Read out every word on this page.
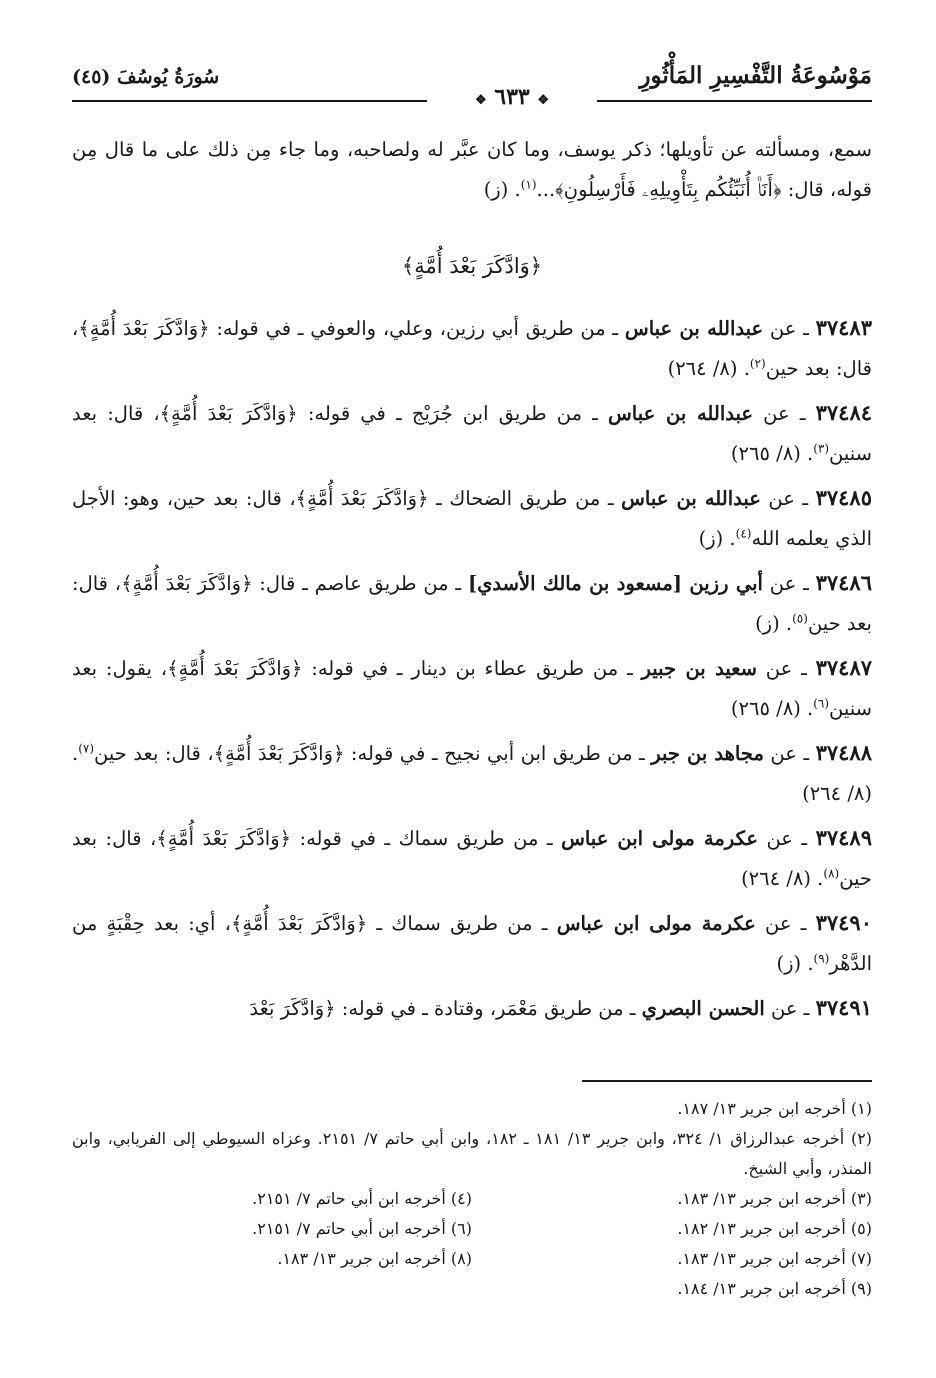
مَوْسُوعَةُ التَّفْسِيرِ المَأْثُورِ
سُورَةُ يُوسُفَ (٤٥)
❖ ٦٣٣ ❖

سمع، ومسألته عن تأويلها؛ ذكر يوسف، وما كان عبَّر له ولصاحبه، وما جاء مِن ذلك على ما قال مِن قوله، قال: ﴿أَنَا۠ أُنَبِّئُكُم بِتَأْوِيلِهِۦ فَأَرْسِلُونِ﴾...$^{(١)}$. (ز)

﴿وَادَّكَرَ بَعْدَ أُمَّةٍ﴾

٣٧٤٨٣ ـ عن عبدالله بن عباس ـ من طريق أبي رزين، وعلي، والعوفي ـ في قوله: ﴿وَادَّكَرَ بَعْدَ أُمَّةٍ﴾، قال: بعد حين$^{(٢)}$. (٨/ ٢٦٤)

٣٧٤٨٤ ـ عن عبدالله بن عباس ـ من طريق ابن جُرَيْج ـ في قوله: ﴿وَادَّكَرَ بَعْدَ أُمَّةٍ﴾، قال: بعد سنين$^{(٣)}$. (٨/ ٢٦٥)

٣٧٤٨٥ ـ عن عبدالله بن عباس ـ من طريق الضحاك ـ ﴿وَادَّكَرَ بَعْدَ أُمَّةٍ﴾، قال: بعد حين، وهو: الأجل الذي يعلمه الله$^{(٤)}$. (ز)

٣٧٤٨٦ ـ عن أبي رزين [مسعود بن مالك الأسدي] ـ من طريق عاصم ـ قال: ﴿وَادَّكَرَ بَعْدَ أُمَّةٍ﴾، قال: بعد حين$^{(٥)}$. (ز)

٣٧٤٨٧ ـ عن سعيد بن جبير ـ من طريق عطاء بن دينار ـ في قوله: ﴿وَادَّكَرَ بَعْدَ أُمَّةٍ﴾، يقول: بعد سنين$^{(٦)}$. (٨/ ٢٦٥)

٣٧٤٨٨ ـ عن مجاهد بن جبر ـ من طريق ابن أبي نجيح ـ في قوله: ﴿وَادَّكَرَ بَعْدَ أُمَّةٍ﴾، قال: بعد حين$^{(٧)}$. (٨/ ٢٦٤)

٣٧٤٨٩ ـ عن عكرمة مولى ابن عباس ـ من طريق سماك ـ في قوله: ﴿وَادَّكَرَ بَعْدَ أُمَّةٍ﴾، قال: بعد حين$^{(٨)}$. (٨/ ٢٦٤)

٣٧٤٩٠ ـ عن عكرمة مولى ابن عباس ـ من طريق سماك ـ ﴿وَادَّكَرَ بَعْدَ أُمَّةٍ﴾، أي: بعد حِقْبَةٍ من الدَّهْر$^{(٩)}$. (ز)

٣٧٤٩١ ـ عن الحسن البصري ـ من طريق مَعْمَر، وقتادة ـ في قوله: ﴿وَادَّكَرَ بَعْدَ

(١) أخرجه ابن جرير ١٣/ ١٨٧.

(٢) أخرجه عبدالرزاق ١/ ٣٢٤، وابن جرير ١٣/ ١٨١ ـ ١٨٢، وابن أبي حاتم ٧/ ٢١٥١. وعزاه السيوطي إلى الفريابي، وابن المنذر، وأبي الشيخ.

(٣) أخرجه ابن جرير ١٣/ ١٨٣.
(٤) أخرجه ابن أبي حاتم ٧/ ٢١٥١.
(٥) أخرجه ابن جرير ١٣/ ١٨٢.
(٦) أخرجه ابن أبي حاتم ٧/ ٢١٥١.
(٧) أخرجه ابن جرير ١٣/ ١٨٣.
(٨) أخرجه ابن جرير ١٣/ ١٨٣.

(٩) أخرجه ابن جرير ١٣/ ١٨٤.
